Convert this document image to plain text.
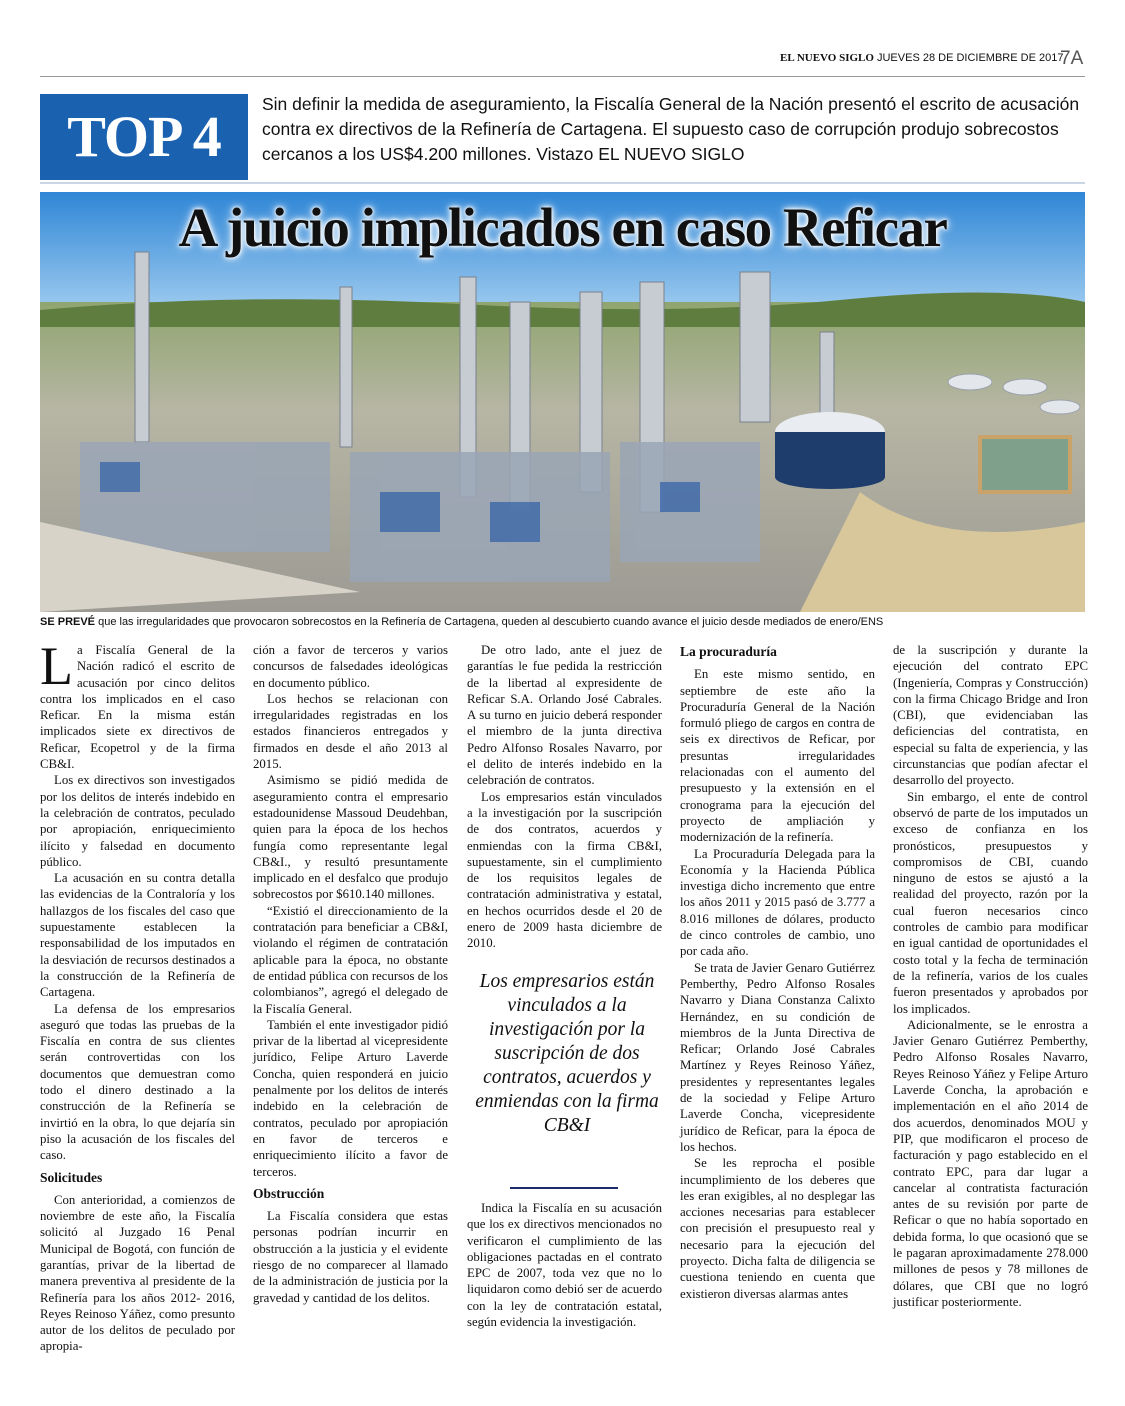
EL NUEVO SIGLO JUEVES 28 DE DICIEMBRE DE 2017
7A
TOP 4	Sin definir la medida de aseguramiento, la Fiscalía General de la Nación presentó el escrito de acusación contra ex directivos de la Refinería de Cartagena. El supuesto caso de corrupción produjo sobrecostos cercanos a los US$4.200 millones. Vistazo EL NUEVO SIGLO
A juicio implicados en caso Reficar
SE PREVÉ que las irregularidades que provocaron sobrecostos en la Refinería de Cartagena, queden al descubierto cuando avance el juicio desde mediados de enero/ENS

La Fiscalía General de la Nación radicó el escrito de acusación por cinco delitos contra los implicados en el caso Reficar. En la misma están implicados siete ex directivos de Reficar, Ecopetrol y de la firma CB&I.

Los ex directivos son investigados por los delitos de interés indebido en la celebración de contratos, peculado por apropiación, enriquecimiento ilícito y falsedad en documento público.

La acusación en su contra detalla las evidencias de la Contraloría y los hallazgos de los fiscales del caso que supuestamente establecen la responsabilidad de los imputados en la desviación de recursos destinados a la construcción de la Refinería de Cartagena.

La defensa de los empresarios aseguró que todas las pruebas de la Fiscalía en contra de sus clientes serán controvertidas con los documentos que demuestran como todo el dinero destinado a la construcción de la Refinería se invirtió en la obra, lo que dejaría sin piso la acusación de los fiscales del caso.

Solicitudes

Con anterioridad, a comienzos de noviembre de este año, la Fiscalía solicitó al Juzgado 16 Penal Municipal de Bogotá, con función de garantías, privar de la libertad de manera preventiva al presidente de la Refinería para los años 2012- 2016, Reyes Reinoso Yáñez, como presunto autor de los delitos de peculado por apropia-

ción a favor de terceros y varios concursos de falsedades ideológicas en documento público.

Los hechos se relacionan con irregularidades registradas en los estados financieros entregados y firmados en desde el año 2013 al 2015.

Asimismo se pidió medida de aseguramiento contra el empresario estadounidense Massoud Deudehban, quien para la época de los hechos fungía como representante legal CB&I., y resultó presuntamente implicado en el desfalco que produjo sobrecostos por $610.140 millones.

“Existió el direccionamiento de la contratación para beneficiar a CB&I, violando el régimen de contratación aplicable para la época, no obstante de entidad pública con recursos de los colombianos”, agregó el delegado de la Fiscalía General.

También el ente investigador pidió privar de la libertad al vicepresidente jurídico, Felipe Arturo Laverde Concha, quien responderá en juicio penalmente por los delitos de interés indebido en la celebración de contratos, peculado por apropiación en favor de terceros e enriquecimiento ilícito a favor de terceros.

Obstrucción

La Fiscalía considera que estas personas podrían incurrir en obstrucción a la justicia y el evidente riesgo de no comparecer al llamado de la administración de justicia por la gravedad y cantidad de los delitos.

De otro lado, ante el juez de garantías le fue pedida la restricción de la libertad al expresidente de Reficar S.A. Orlando José Cabrales. A su turno en juicio deberá responder el miembro de la junta directiva Pedro Alfonso Rosales Navarro, por el delito de interés indebido en la celebración de contratos.

Los empresarios están vinculados a la investigación por la suscripción de dos contratos, acuerdos y enmiendas con la firma CB&I, supuestamente, sin el cumplimiento de los requisitos legales de contratación administrativa y estatal, en hechos ocurridos desde el 20 de enero de 2009 hasta diciembre de 2010.

Los empresarios están vinculados a la investigación por la suscripción de dos contratos, acuerdos y enmiendas con la firma CB&I

Indica la Fiscalía en su acusación que los ex directivos mencionados no verificaron el cumplimiento de las obligaciones pactadas en el contrato EPC de 2007, toda vez que no lo liquidaron como debió ser de acuerdo con la ley de contratación estatal, según evidencia la investigación.

La procuraduría

En este mismo sentido, en septiembre de este año la Procuraduría General de la Nación formuló pliego de cargos en contra de seis ex directivos de Reficar, por presuntas irregularidades relacionadas con el aumento del presupuesto y la extensión en el cronograma para la ejecución del proyecto de ampliación y modernización de la refinería.

La Procuraduría Delegada para la Economía y la Hacienda Pública investiga dicho incremento que entre los años 2011 y 2015 pasó de 3.777 a 8.016 millones de dólares, producto de cinco controles de cambio, uno por cada año.

Se trata de Javier Genaro Gutiérrez Pemberthy, Pedro Alfonso Rosales Navarro y Diana Constanza Calixto Hernández, en su condición de miembros de la Junta Directiva de Reficar; Orlando José Cabrales Martínez y Reyes Reinoso Yáñez, presidentes y representantes legales de la sociedad y Felipe Arturo Laverde Concha, vicepresidente jurídico de Reficar, para la época de los hechos.

Se les reprocha el posible incumplimiento de los deberes que les eran exigibles, al no desplegar las acciones necesarias para establecer con precisión el presupuesto real y necesario para la ejecución del proyecto. Dicha falta de diligencia se cuestiona teniendo en cuenta que existieron diversas alarmas antes

de la suscripción y durante la ejecución del contrato EPC (Ingeniería, Compras y Construcción) con la firma Chicago Bridge and Iron (CBI), que evidenciaban las deficiencias del contratista, en especial su falta de experiencia, y las circunstancias que podían afectar el desarrollo del proyecto.

Sin embargo, el ente de control observó de parte de los imputados un exceso de confianza en los pronósticos, presupuestos y compromisos de CBI, cuando ninguno de estos se ajustó a la realidad del proyecto, razón por la cual fueron necesarios cinco controles de cambio para modificar en igual cantidad de oportunidades el costo total y la fecha de terminación de la refinería, varios de los cuales fueron presentados y aprobados por los implicados.

Adicionalmente, se le enrostra a Javier Genaro Gutiérrez Pemberthy, Pedro Alfonso Rosales Navarro, Reyes Reinoso Yáñez y Felipe Arturo Laverde Concha, la aprobación e implementación en el año 2014 de dos acuerdos, denominados MOU y PIP, que modificaron el proceso de facturación y pago establecido en el contrato EPC, para dar lugar a cancelar al contratista facturación antes de su revisión por parte de Reficar o que no había soportado en debida forma, lo que ocasionó que se le pagaran aproximadamente 278.000 millones de pesos y 78 millones de dólares, que CBI que no logró justificar posteriormente.
